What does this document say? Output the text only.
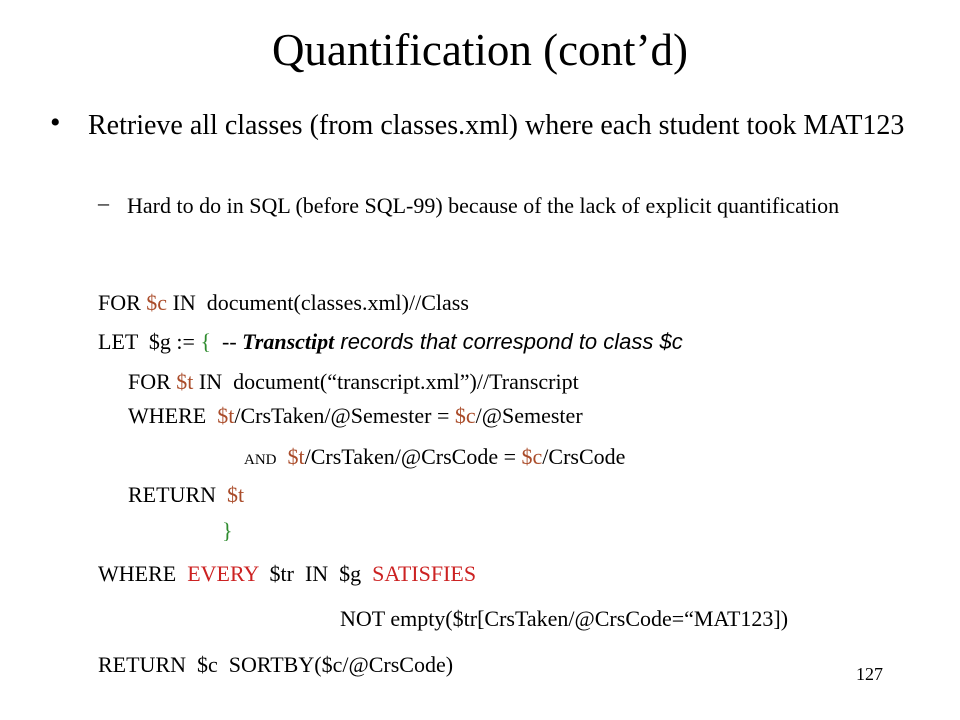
Quantification (cont’d)
• Retrieve all classes (from classes.xml) where each student took MAT123
– Hard to do in SQL (before SQL-99) because of the lack of explicit quantification
FOR $c IN  document(classes.xml)//Class
LET  $g := {  -- Transctipt records that correspond to class $c
FOR $t IN  document(“transcript.xml”)//Transcript
WHERE  $t/CrsTaken/@Semester = $c/@Semester
AND $t/CrsTaken/@CrsCode = $c/CrsCode
RETURN  $t
}
WHERE  EVERY  $tr  IN  $g  SATISFIES
NOT empty($tr[CrsTaken/@CrsCode=“MAT123])
RETURN  $c  SORTBY($c/@CrsCode)	127
